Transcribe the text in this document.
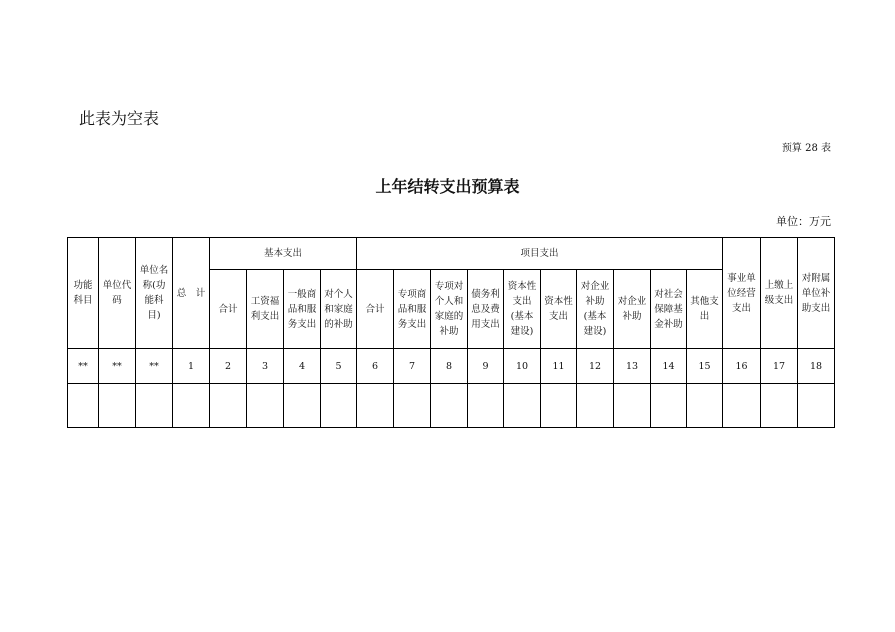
此表为空表
预算 28 表
上年结转支出预算表
单位：万元
功能科目	单位代码	单位名称(功能科目)	总　计	基本支出				项目支出										事业单位经营支出	上缴上级支出	对附属单位补助支出
				合计	工资福利支出	一般商品和服务支出	对个人和家庭的补助	合计	专项商品和服务支出	专项对个人和家庭的补助	债务利息及费用支出	资本性支出(基本建设)	资本性支出	对企业补助(基本建设)	对企业补助	对社会保障基金补助	其他支出			
**	**	**	1	2	3	4	5	6	7	8	9	10	11	12	13	14	15	16	17	18
